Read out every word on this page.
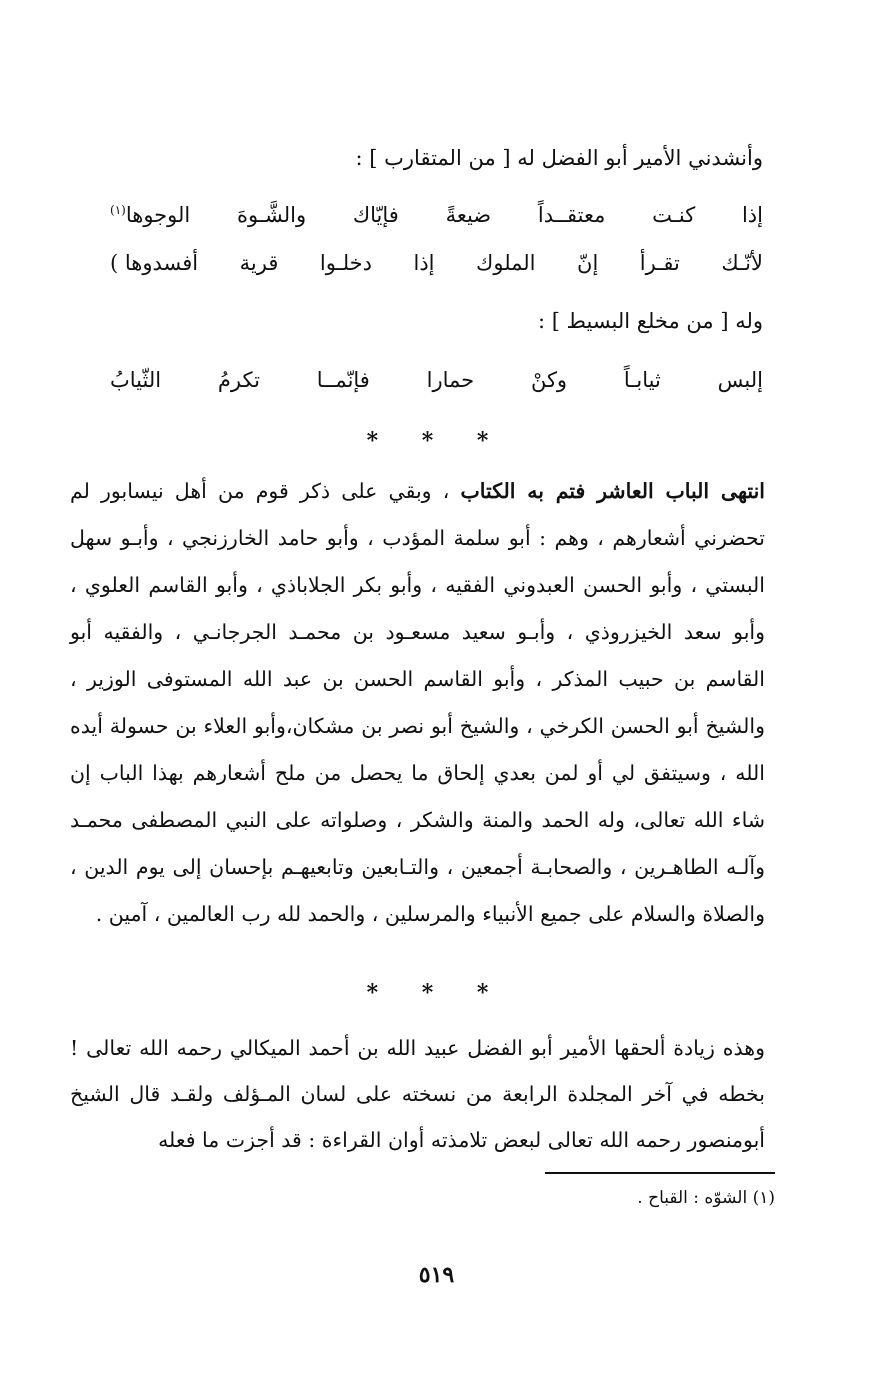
وأنشدني الأمير أبو الفضل له [ من المتقارب ] :
إذا
كنـت
معتقــداً
ضيعةً
فإيّاك
والشَّـوهَ
الوجوها(١)
لأنّـك
تقـرأ
إنّ
الملوك
إذا
دخلـوا
قرية
أفسدوها )
وله [ من مخلع البسيط ] :
إلبس
ثيابـاً
وكنْ
حمارا
فإنّمــا
تكرمُ
الثّيابُ
* * *
انتهى الباب العاشر فتم به الكتاب ، وبقي على ذكر قوم من أهل نيسابور لم تحضرني أشعارهم ، وهم : أبو سلمة المؤدب ، وأبو حامد الخارزنجي ، وأبـو سهل البستي ، وأبو الحسن العبدوني الفقيه ، وأبو بكر الجلاباذي ، وأبو القاسم العلوي ، وأبو سعد الخيزروذي ، وأبـو سعيد مسعـود بن محمـد الجرجانـي ، والفقيه أبو القاسم بن حبيب المذكر ، وأبو القاسم الحسن بن عبد الله المستوفى الوزير ، والشيخ أبو الحسن الكرخي ، والشيخ أبو نصر بن مشكان،وأبو العلاء بن حسولة أيده الله ، وسيتفق لي أو لمن بعدي إلحاق ما يحصل من ملح أشعارهم بهذا الباب إن شاء الله تعالى، وله الحمد والمنة والشكر ، وصلواته على النبي المصطفى محمـد وآلـه الطاهـرين ، والصحابـة أجمعين ، والتـابعين وتابعيهـم بإحسان إلى يوم الدين ، والصلاة والسلام على جميع الأنبياء والمرسلين ، والحمد لله رب العالمين ، آمين .
* * *
وهذه زيادة ألحقها الأمير أبو الفضل عبيد الله بن أحمد الميكالي رحمه الله تعالى ! بخطه في آخر المجلدة الرابعة من نسخته على لسان المـؤلف ولقـد قال الشيخ أبومنصور رحمه الله تعالى لبعض تلامذته أوان القراءة : قد أجزت ما فعله
(١) الشوّه : القباح .
٥١٩
